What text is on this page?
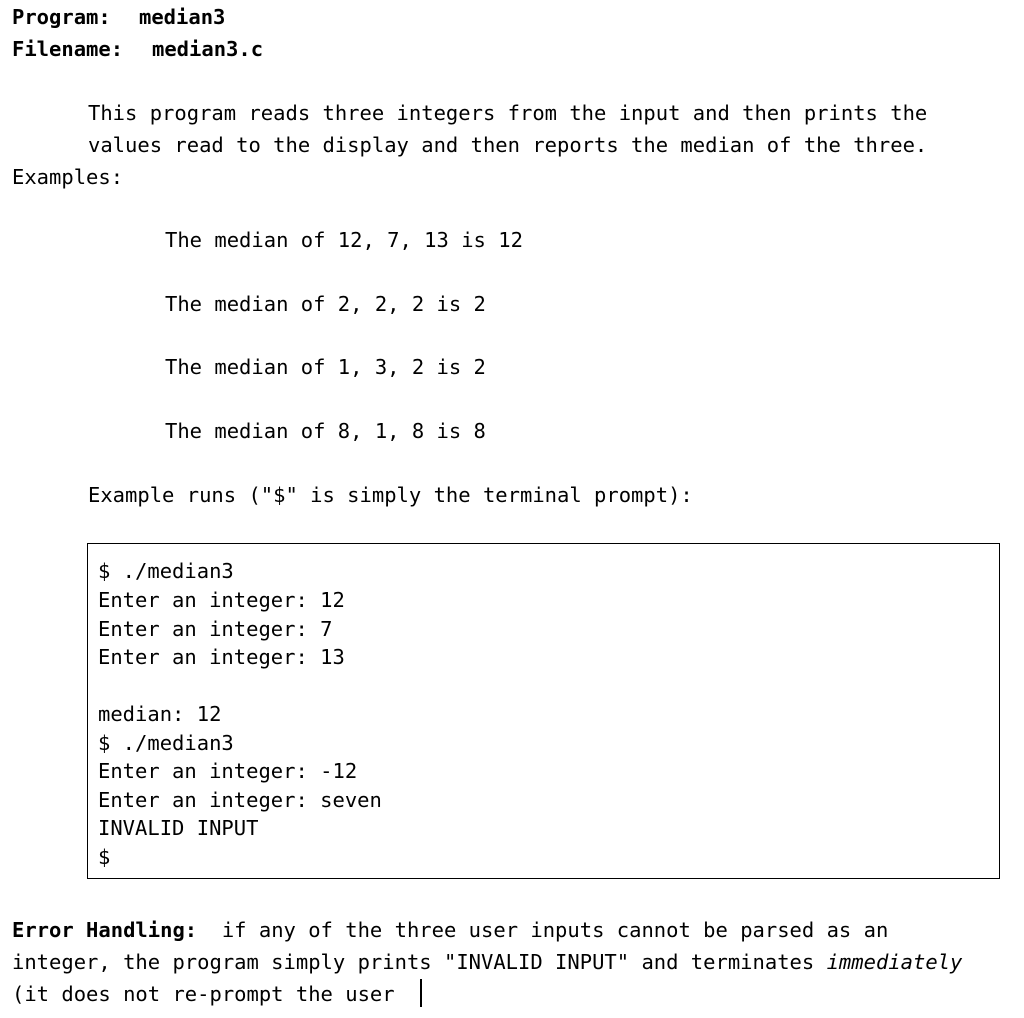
Program: median3
Filename: median3.c
This program reads three integers from the input and then prints the
values read to the display and then reports the median of the three.
Examples:
The median of 12, 7, 13 is 12
The median of 2, 2, 2 is 2
The median of 1, 3, 2 is 2
The median of 8, 1, 8 is 8
Example runs ("$" is simply the terminal prompt):
$ ./median3
Enter an integer: 12
Enter an integer: 7
Enter an integer: 13
median: 12
$ ./median3
Enter an integer: -12
Enter an integer: seven
INVALID INPUT
$
Error Handling:  if any of the three user inputs cannot be parsed as an
integer, the program simply prints "INVALID INPUT" and terminates immediately
(it does not re-prompt the user
